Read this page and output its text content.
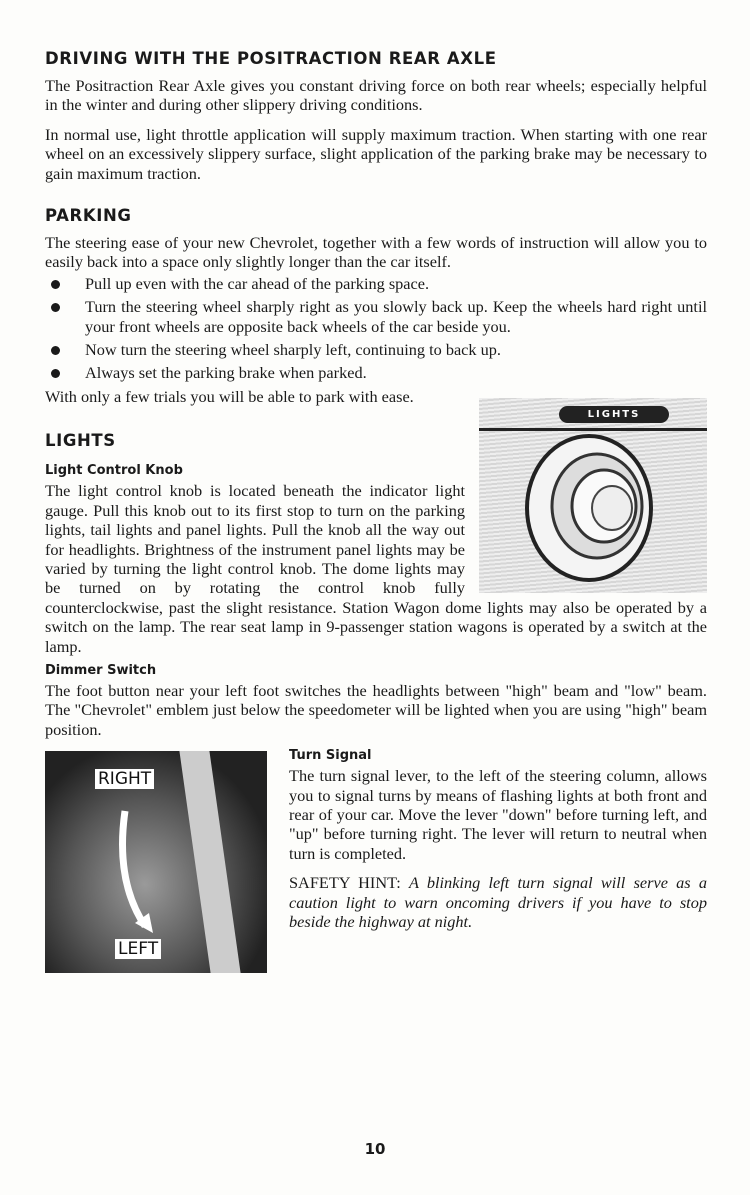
DRIVING WITH THE POSITRACTION REAR AXLE

The Positraction Rear Axle gives you constant driving force on both rear wheels; especially helpful in the winter and during other slippery driving conditions.

In normal use, light throttle application will supply maximum traction. When starting with one rear wheel on an excessively slippery surface, slight application of the parking brake may be necessary to gain maximum traction.

PARKING

The steering ease of your new Chevrolet, together with a few words of instruction will allow you to easily back into a space only slightly longer than the car itself.

Pull up even with the car ahead of the parking space.
Turn the steering wheel sharply right as you slowly back up. Keep the wheels hard right until your front wheels are opposite back wheels of the car beside you.
Now turn the steering wheel sharply left, continuing to back up.
Always set the parking brake when parked.

With only a few trials you will be able to park with ease.

LIGHTS
LIGHTS
Light Control Knob

The light control knob is located beneath the indicator light gauge. Pull this knob out to its first stop to turn on the parking lights, tail lights and panel lights. Pull the knob all the way out for headlights. Brightness of the instrument panel lights may be varied by turning the light control knob. The dome lights may be turned on by rotating the control knob fully counterclockwise, past the slight resistance. Station Wagon dome lights may also be operated by a switch on the lamp. The rear seat lamp in 9-passenger station wagons is operated by a switch at the lamp.

Dimmer Switch

The foot button near your left foot switches the headlights between "high" beam and "low" beam. The "Chevrolet" emblem just below the speedometer will be lighted when you are using "high" beam position.

RIGHT
LEFT
Turn Signal

The turn signal lever, to the left of the steering column, allows you to signal turns by means of flashing lights at both front and rear of your car. Move the lever "down" before turning left, and "up" before turning right. The lever will return to neutral when turn is completed.

SAFETY HINT: A blinking left turn signal will serve as a caution light to warn oncoming drivers if you have to stop beside the highway at night.

10
